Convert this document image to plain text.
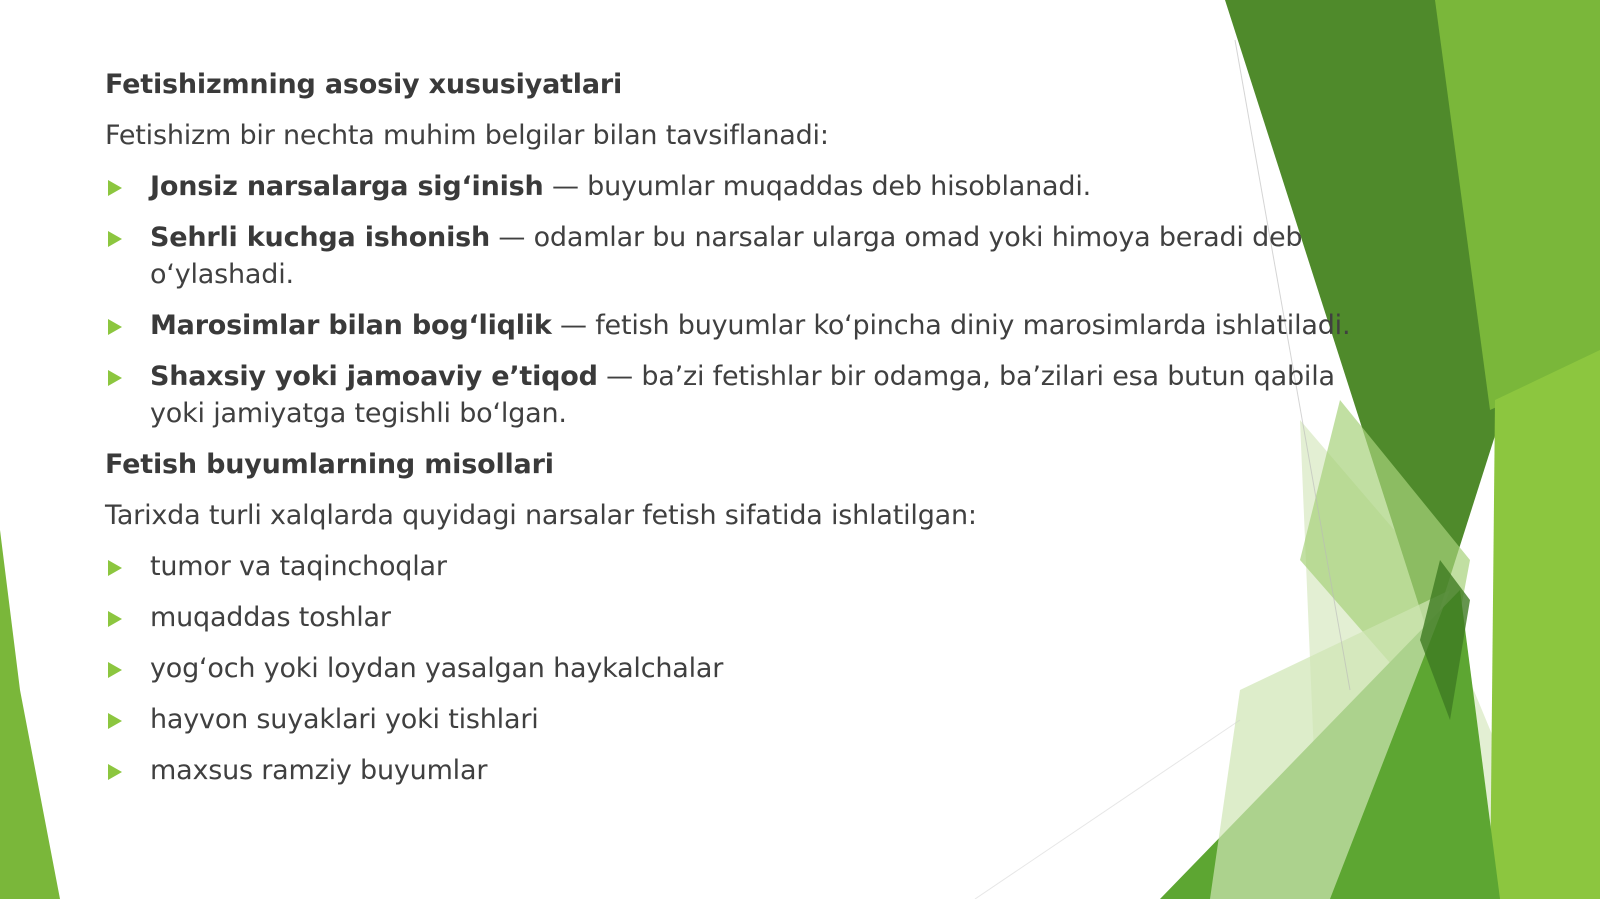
Fetishizmning asosiy xususiyatlari
Fetishizm bir nechta muhim belgilar bilan tavsiflanadi:
Jonsiz narsalarga sig‘inish — buyumlar muqaddas deb hisoblanadi.
Sehrli kuchga ishonish — odamlar bu narsalar ularga omad yoki himoya beradi deb o‘ylashadi.
Marosimlar bilan bog‘liqlik — fetish buyumlar ko‘pincha diniy marosimlarda ishlatiladi.
Shaxsiy yoki jamoaviy e’tiqod — ba’zi fetishlar bir odamga, ba’zilari esa butun qabila yoki jamiyatga tegishli bo‘lgan.
Fetish buyumlarning misollari
Tarixda turli xalqlarda quyidagi narsalar fetish sifatida ishlatilgan:
tumor va taqinchoqlar
muqaddas toshlar
yog‘och yoki loydan yasalgan haykalchalar
hayvon suyaklari yoki tishlari
maxsus ramziy buyumlar
